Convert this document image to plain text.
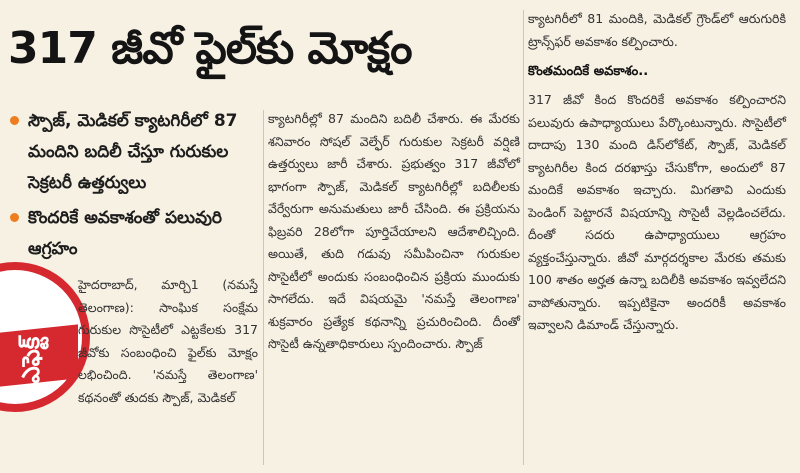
317 జీవో ఫైల్‌కు మోక్షం
స్పౌజ్, మెడికల్ క్యాటగిరీలో 87 మందిని బదిలీ చేస్తూ గురుకుల సెక్రటరీ ఉత్తర్వులు
కొందరికే అవకాశంతో పలువురి ఆగ్రహం
ఎఫెక్ట్

హైదరాబాద్, మార్చి1 (నమస్తే తెలంగాణ): సాంఘిక సంక్షేమ గురుకుల సొసైటీలో ఎట్టకేలకు 317 జీవోకు సంబంధించి ఫైల్‌కు మోక్షం లభించింది. 'నమస్తే తెలంగాణ' కథనంతో తుదకు స్పౌజ్, మెడికల్

క్యాటగిరీల్లో 87 మందిని బదిలీ చేశారు. ఈ మేరకు శనివారం సోషల్ వెల్ఫేర్ గురుకుల సెక్రటరీ వర్షిణి ఉత్తర్వులు జారీ చేశారు. ప్రభుత్వం 317 జీవోలో భాగంగా స్పౌజ్, మెడికల్ క్యాటగిరీల్లో బదిలీలకు వేర్వేరుగా అనుమతులు జారీ చేసింది. ఈ ప్రక్రియను ఫిబ్రవరి 28లోగా పూర్తిచేయాలని ఆదేశాలిచ్చింది. అయితే, తుది గడువు సమీపించినా గురుకుల సొసైటీలో అందుకు సంబంధించిన ప్రక్రియ ముందుకు సాగలేదు. ఇదే విషయమై 'నమస్తే తెలంగాణ' శుక్రవారం ప్రత్యేక కథనాన్ని ప్రచురించింది. దీంతో సొసైటీ ఉన్నతాధికారులు స్పందించారు. స్పౌజ్

క్యాటగిరీలో 81 మందికి, మెడికల్ గ్రౌండ్‌లో ఆరుగురికి ట్రాన్స్‌ఫర్ అవకాశం కల్పించారు.

కొంతమందికే అవకాశం..

317 జీవో కింద కొందరికే అవకాశం కల్పించారని పలువురు ఉపాధ్యాయులు పేర్కొంటున్నారు. సొసైటీలో దాదాపు 130 మంది డిస్‌లోకేట్, స్పౌజ్, మెడికల్ క్యాటగిరీల కింద దరఖాస్తు చేసుకోగా, అందులో 87 మందికే అవకాశం ఇచ్చారు. మిగతావి ఎందుకు పెండింగ్ పెట్టారనే విషయాన్ని సొసైటీ వెల్లడించలేదు. దీంతో సదరు ఉపాధ్యాయులు ఆగ్రహం వ్యక్తంచేస్తున్నారు. జీవో మార్గదర్శకాల మేరకు తమకు 100 శాతం అర్హత ఉన్నా బదిలీకి అవకాశం ఇవ్వలేదని వాపోతున్నారు. ఇప్పటికైనా అందరికీ అవకాశం ఇవ్వాలని డిమాండ్ చేస్తున్నారు.
